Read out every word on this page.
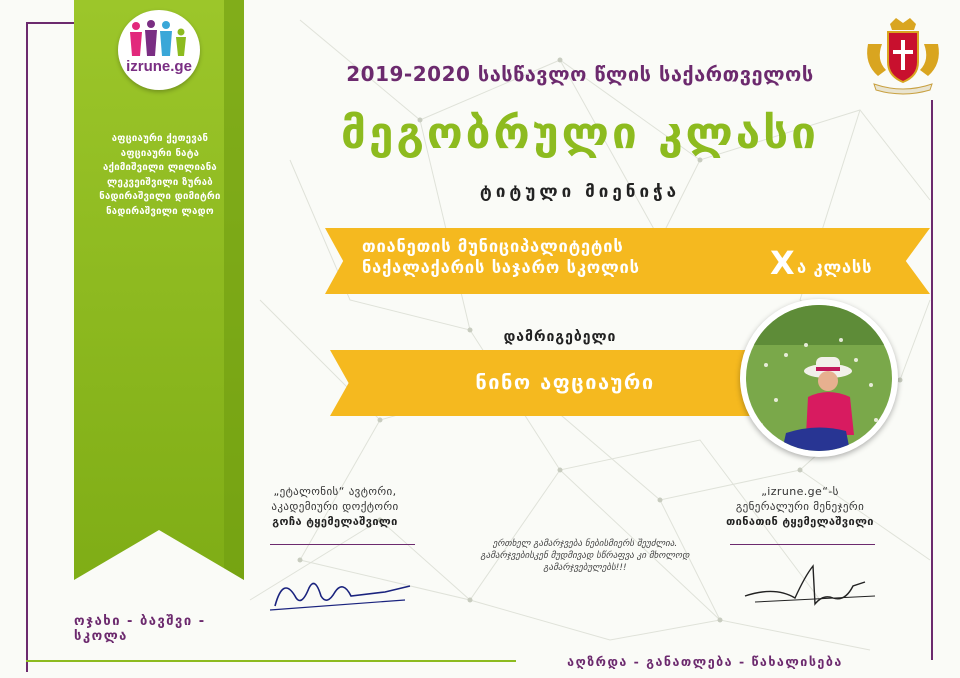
izrune.ge
აფციაური ქეთევან
აფციაური ნატა
აქიმიშვილი ლილიანა
ლეკვეიშვილი ზურაბ
ნადირაშვილი დიმიტრი
ნადირაშვილი ლადო
ოჯახი - ბავშვი - სკოლა
2019-2020 სასწავლო წლის საქართველოს
მეგობრული კლასი
ტიტული მიენიჭა
თიანეთის მუნიციპალიტეტის
ნაქალაქარის საჯარო სკოლის	X ა კლასს
დამრიგებელი
ნინო აფციაური
„ეტალონის“ ავტორი,
აკადემიური დოქტორი
გოჩა ტყემელაშვილი
„izrune.ge“-ს
გენერალური მენეჯერი
თინათინ ტყემელაშვილი
ერთხელ გამარჯვება ნებისმიერს შეუძლია.
გამარჯვებისკენ მუდმივად სწრაფვა კი მხოლოდ გამარჯვებულებს!!!
აღზრდა - განათლება - წახალისება
